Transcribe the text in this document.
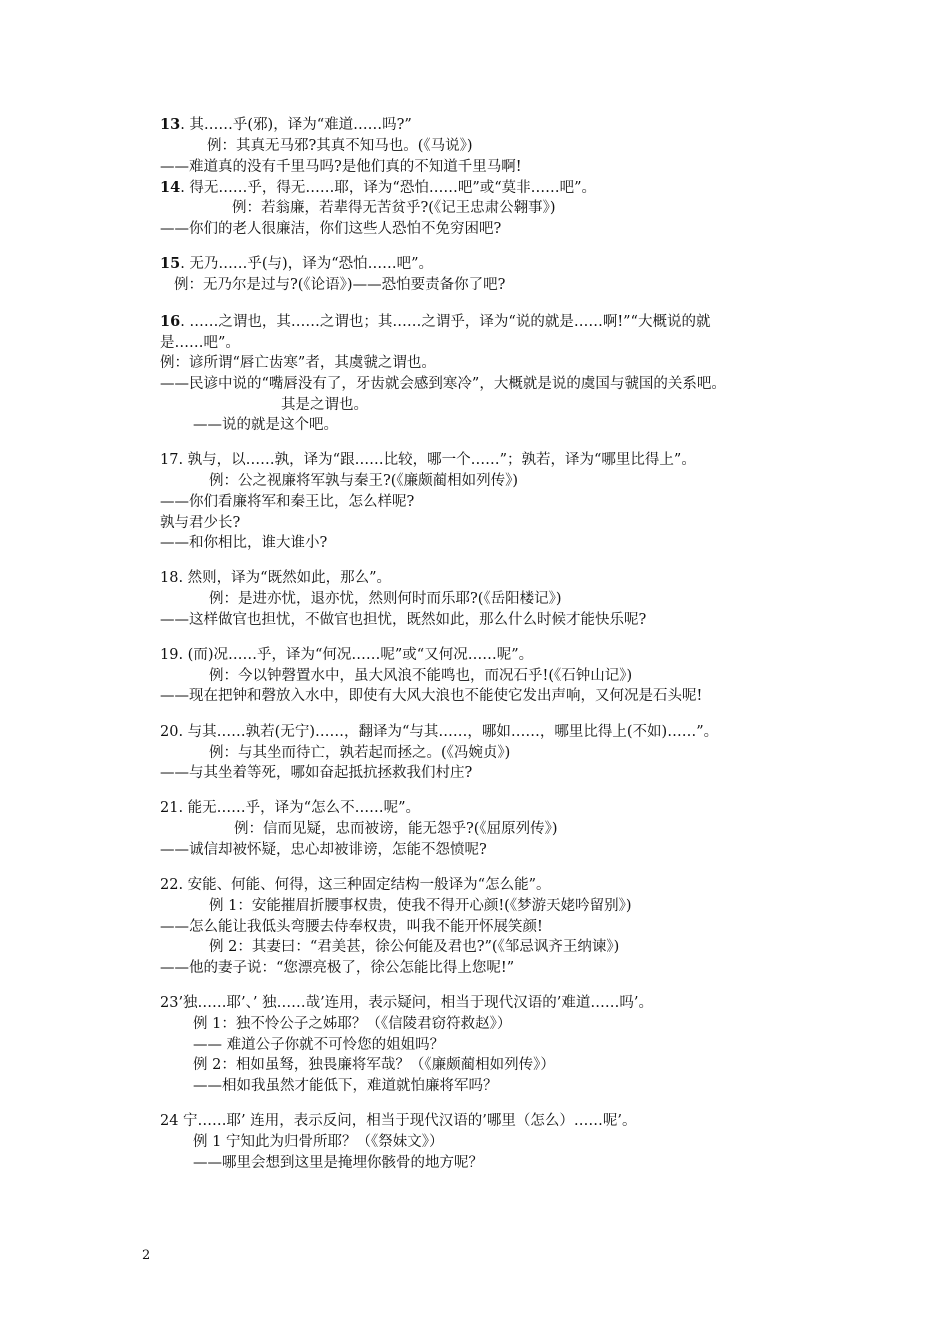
13. 其……乎(邪)，译为“难道……吗?”
例：其真无马邪?其真不知马也。(《马说》)
——难道真的没有千里马吗?是他们真的不知道千里马啊!
14. 得无……乎，得无……耶，译为“恐怕……吧”或“莫非……吧”。
例：若翁廉，若辈得无苦贫乎?(《记王忠肃公翱事》)
——你们的老人很廉洁，你们这些人恐怕不免穷困吧?
15. 无乃……乎(与)，译为“恐怕……吧”。
例：无乃尔是过与?(《论语》)——恐怕要责备你了吧?
16. ……之谓也，其……之谓也；其……之谓乎，译为“说的就是……啊!”“大概说的就
是……吧”。
例：谚所谓“唇亡齿寒”者，其虞虢之谓也。
——民谚中说的“嘴唇没有了，牙齿就会感到寒冷”，大概就是说的虞国与虢国的关系吧。
其是之谓也。
——说的就是这个吧。
17. 孰与，以……孰，译为“跟……比较，哪一个……”；孰若，译为“哪里比得上”。
例：公之视廉将军孰与秦王?(《廉颇蔺相如列传》)
——你们看廉将军和秦王比，怎么样呢?
孰与君少长?
——和你相比，谁大谁小?
18. 然则，译为“既然如此，那么”。
例：是进亦忧，退亦忧，然则何时而乐耶?(《岳阳楼记》)
——这样做官也担忧，不做官也担忧，既然如此，那么什么时候才能快乐呢?
19. (而)况……乎，译为“何况……呢”或“又何况……呢”。
例：今以钟磬置水中，虽大风浪不能鸣也，而况石乎!(《石钟山记》)
——现在把钟和磬放入水中，即使有大风大浪也不能使它发出声响，又何况是石头呢!
20. 与其……孰若(无宁)……，翻译为“与其……，哪如……，哪里比得上(不如)……”。
例：与其坐而待亡，孰若起而拯之。(《冯婉贞》)
——与其坐着等死，哪如奋起抵抗拯救我们村庄?
21. 能无……乎，译为“怎么不……呢”。
例：信而见疑，忠而被谤，能无怨乎?(《屈原列传》)
——诚信却被怀疑，忠心却被诽谤，怎能不怨愤呢?
22. 安能、何能、何得，这三种固定结构一般译为“怎么能”。
例 1：安能摧眉折腰事权贵，使我不得开心颜!(《梦游天姥吟留别》)
——怎么能让我低头弯腰去侍奉权贵，叫我不能开怀展笑颜!
例 2：其妻曰：“君美甚，徐公何能及君也?”(《邹忌讽齐王纳谏》)
——他的妻子说：“您漂亮极了，徐公怎能比得上您呢!”
23’独……耶’、’ 独……哉’连用，表示疑问，相当于现代汉语的’难道……吗’。
例 1：独不怜公子之姊耶？（《信陵君窃符救赵》）
—— 难道公子你就不可怜您的姐姐吗？
例 2：相如虽驽，独畏廉将军哉？（《廉颇蔺相如列传》）
——相如我虽然才能低下，难道就怕廉将军吗？
24 宁……耶’ 连用，表示反问，相当于现代汉语的’哪里（怎么）……呢’。
例 1 宁知此为归骨所耶？（《祭妹文》）
——哪里会想到这里是掩埋你骸骨的地方呢？
2
